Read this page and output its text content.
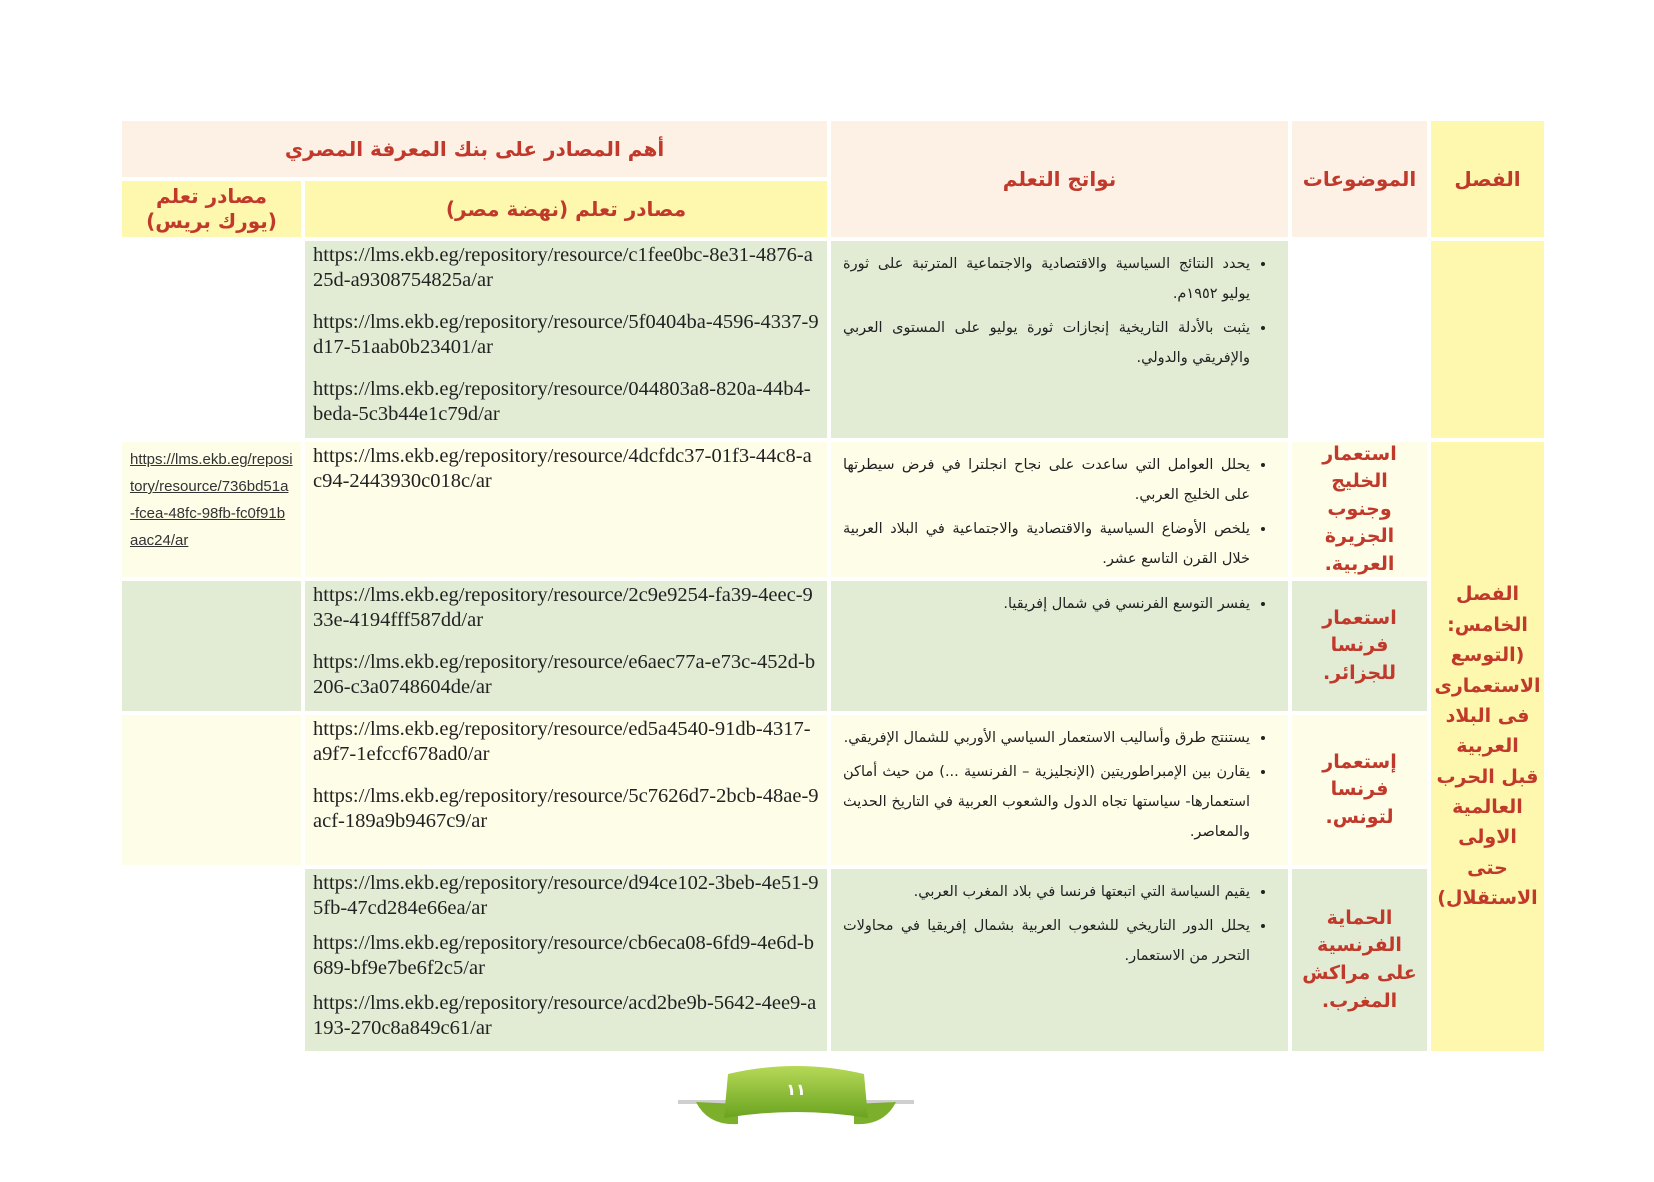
الفصل
الموضوعات
نواتج التعلم
أهم المصادر على بنك المعرفة المصري
مصادر تعلم (نهضة مصر)
مصادر تعلم (يورك بريس)
الفصل الخامس: (التوسع الاستعمارى فى البلاد العربية قبل الحرب العالمية الاولى حتى الاستقلال)
• يحدد النتائج السياسية والاقتصادية والاجتماعية المترتبة على ثورة يوليو ١٩٥٢م.
• يثبت بالأدلة التاريخية إنجازات ثورة يوليو على المستوى العربي والإفريقي والدولي.
https://lms.ekb.eg/repository/resource/c1fee0bc-8e31-4876-a25d-a9308754825a/ar
https://lms.ekb.eg/repository/resource/5f0404ba-4596-4337-9d17-51aab0b23401/ar
https://lms.ekb.eg/repository/resource/044803a8-820a-44b4-beda-5c3b44e1c79d/ar
استعمار الخليج وجنوب الجزيرة العربية.
• يحلل العوامل التي ساعدت على نجاح انجلترا في فرض سيطرتها على الخليج العربي.
• يلخص الأوضاع السياسية والاقتصادية والاجتماعية في البلاد العربية خلال القرن التاسع عشر.
https://lms.ekb.eg/repository/resource/4dcfdc37-01f3-44c8-ac94-2443930c018c/ar
https://lms.ekb.eg/repository/resource/736bd51a-fcea-48fc-98fb-fc0f91baac24/ar
استعمار فرنسا للجزائر.
• يفسر التوسع الفرنسي في شمال إفريقيا.
https://lms.ekb.eg/repository/resource/2c9e9254-fa39-4eec-933e-4194fff587dd/ar
https://lms.ekb.eg/repository/resource/e6aec77a-e73c-452d-b206-c3a0748604de/ar
إستعمار فرنسا لتونس.
• يستنتج طرق وأساليب الاستعمار السياسي الأوربي للشمال الإفريقي.
• يقارن بين الإمبراطوريتين (الإنجليزية – الفرنسية ...) من حيث أماكن استعمارها- سياستها تجاه الدول والشعوب العربية في التاريخ الحديث والمعاصر.
https://lms.ekb.eg/repository/resource/ed5a4540-91db-4317-a9f7-1efccf678ad0/ar
https://lms.ekb.eg/repository/resource/5c7626d7-2bcb-48ae-9acf-189a9b9467c9/ar
الحماية الفرنسية على مراكش المغرب.
• يقيم السياسة التي اتبعتها فرنسا في بلاد المغرب العربي.
• يحلل الدور التاريخي للشعوب العربية بشمال إفريقيا في محاولات التحرر من الاستعمار.
https://lms.ekb.eg/repository/resource/d94ce102-3beb-4e51-95fb-47cd284e66ea/ar
https://lms.ekb.eg/repository/resource/cb6eca08-6fd9-4e6d-b689-bf9e7be6f2c5/ar
https://lms.ekb.eg/repository/resource/acd2be9b-5642-4ee9-a193-270c8a849c61/ar
١١
